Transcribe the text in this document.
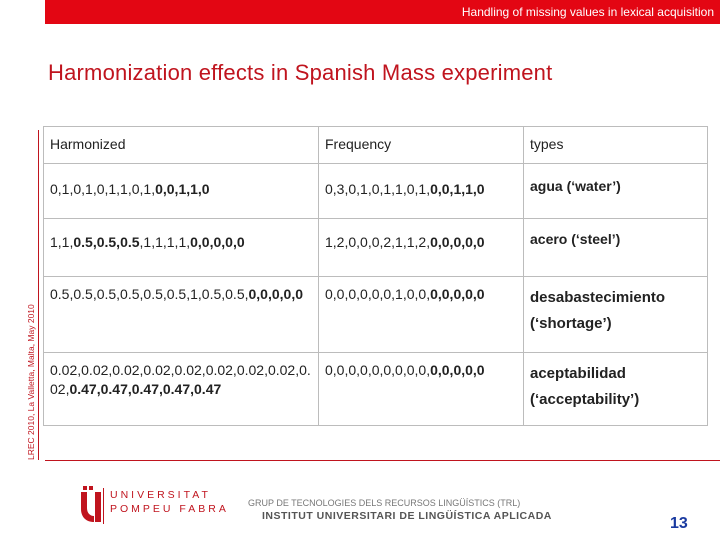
Handling of missing values in lexical acquisition
Harmonization effects in Spanish Mass experiment
LREC 2010, La Valletta, Malta, May 2010
Harmonized	Frequency	types
0,1,0,1,0,1,1,0,1,0,0,1,1,0	0,3,0,1,0,1,1,0,1,0,0,1,1,0	agua (‘water’)
1,1,0.5,0.5,0.5,1,1,1,1,0,0,0,0,0	1,2,0,0,0,2,1,1,2,0,0,0,0,0	acero (‘steel’)
0.5,0.5,0.5,0.5,0.5,0.5,1,0.5,0.5,0,0,0,0,0	0,0,0,0,0,0,1,0,0,0,0,0,0,0	desabastecimiento
(‘shortage’)

0.02,0.02,0.02,0.02,0.02,0.02,0.02,0.02,0.02,0.47,0.47,0.47,0.47,0.47	0,0,0,0,0,0,0,0,0,0,0,0,0,0	aceptabilidad
(‘acceptability’)
UNIVERSITAT
POMPEU FABRA GRUP DE TECNOLOGIES DELS RECURSOS LINGÜÍSTICS (TRL)
INSTITUT UNIVERSITARI DE LINGÜÍSTICA APLICADA	13
